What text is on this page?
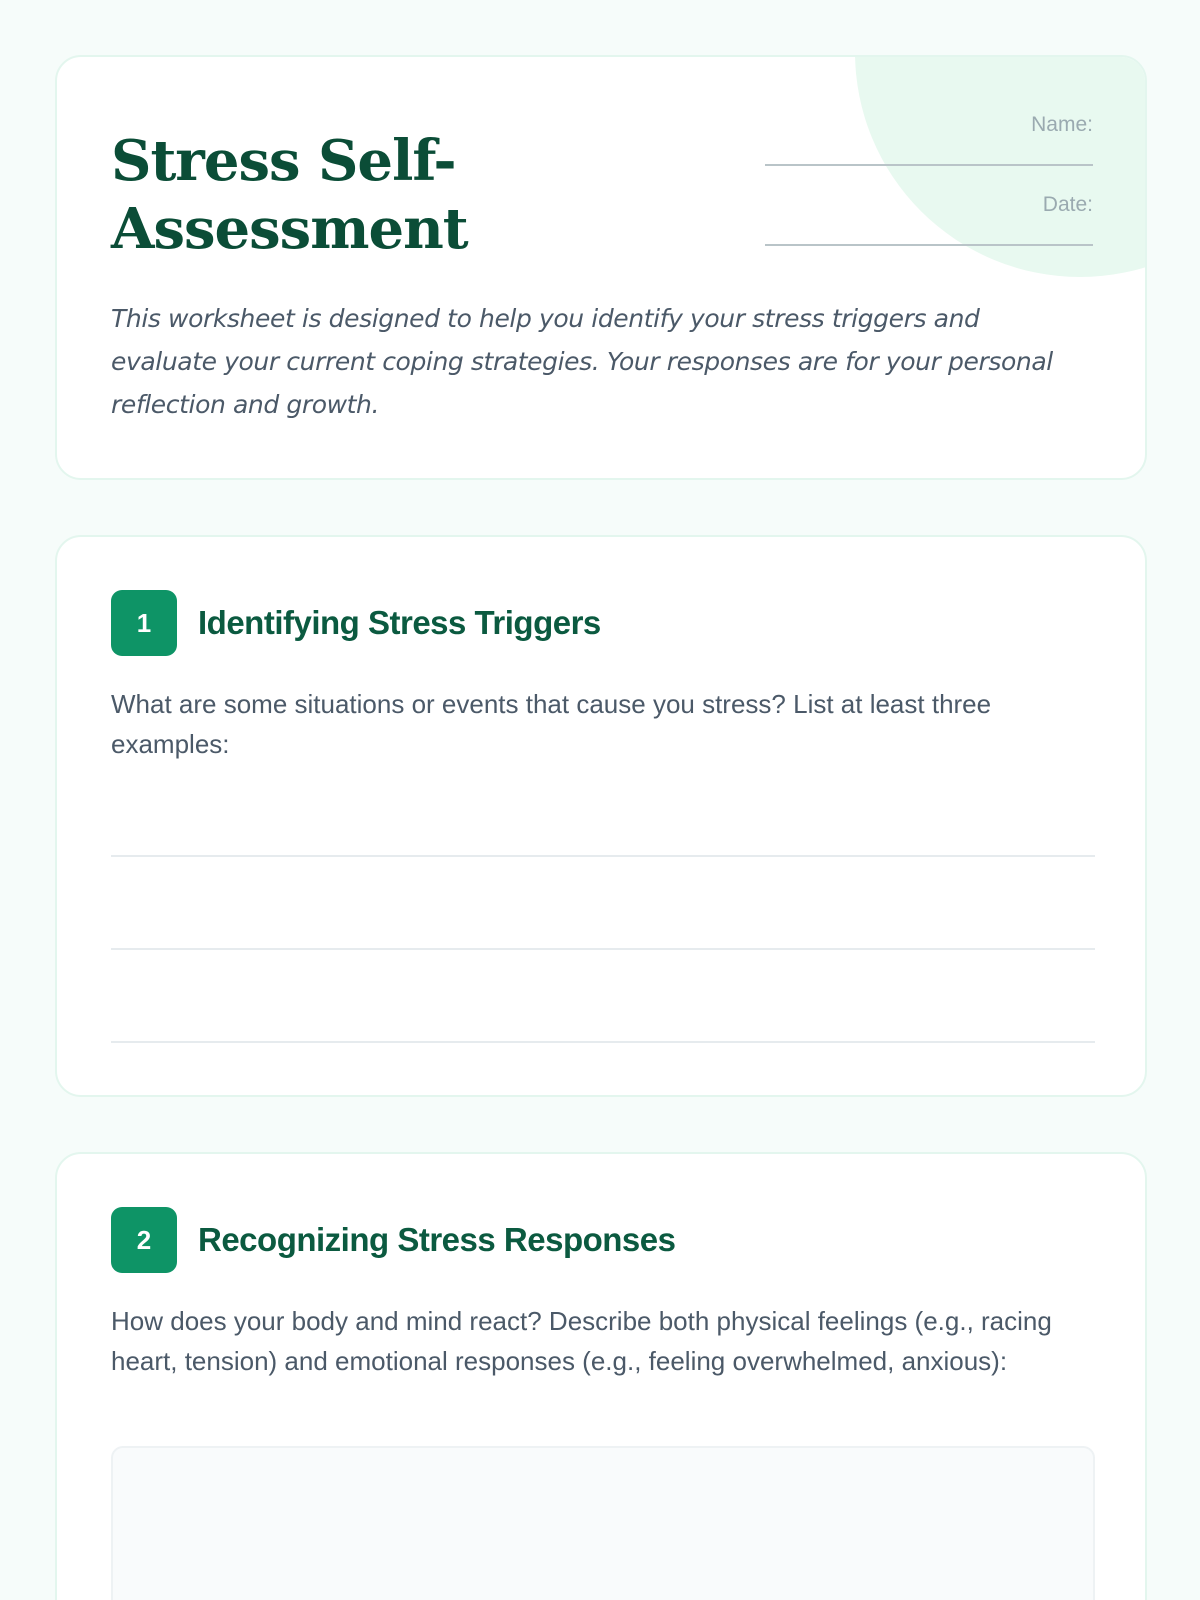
Stress Self-Assessment
Name:
Date:

This worksheet is designed to help you identify your stress triggers and evaluate your current coping strategies. Your responses are for your personal reflection and growth.

1	Identifying Stress Triggers

What are some situations or events that cause you stress? List at least three examples:

2	Recognizing Stress Responses

How does your body and mind react? Describe both physical feelings (e.g., racing heart, tension) and emotional responses (e.g., feeling overwhelmed, anxious):
